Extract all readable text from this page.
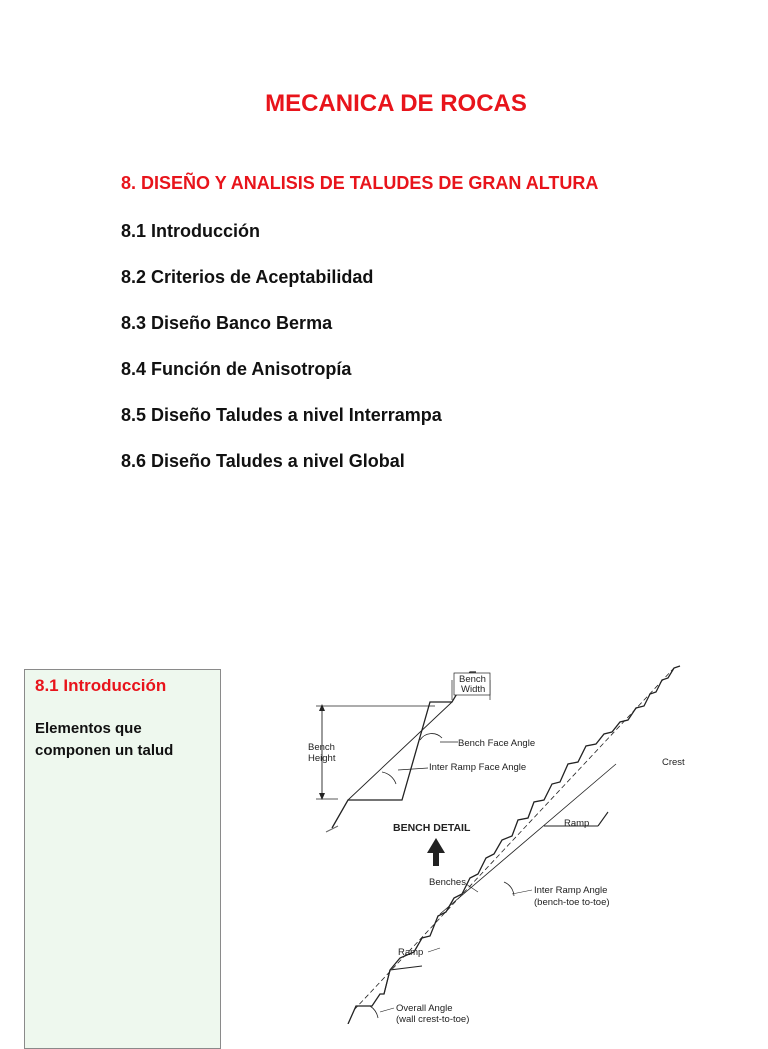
MECANICA DE ROCAS
8. DISEÑO Y ANALISIS DE TALUDES DE GRAN ALTURA
8.1 Introducción
8.2 Criterios de Aceptabilidad
8.3 Diseño Banco Berma
8.4 Función de Anisotropía
8.5 Diseño Taludes a nivel Interrampa
8.6 Diseño Taludes a nivel Global
8.1 Introducción
Elementos que
componen un talud	Bench
Height
Bench
Width
Bench Face Angle
Inter Ramp Face Angle
BENCH DETAIL
Crest
Ramp
Benches
Inter Ramp Angle
(bench-toe to-toe)
Ramp
Overall Angle
(wall crest-to-toe)
